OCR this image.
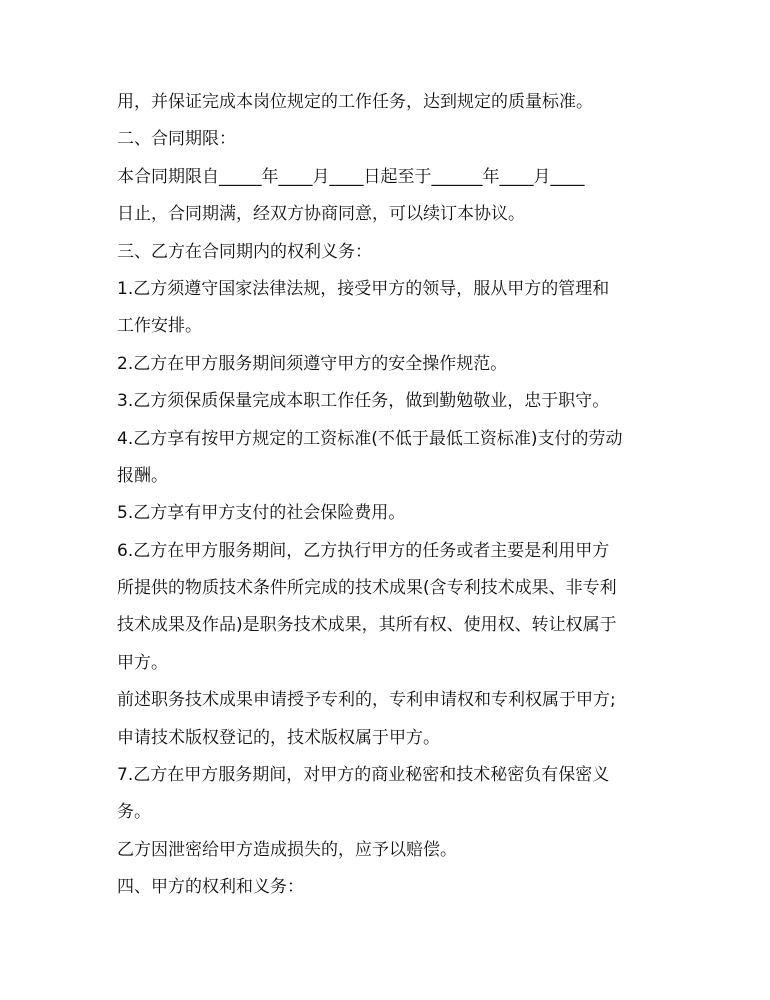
用，并保证完成本岗位规定的工作任务，达到规定的质量标准。
二、合同期限：
本合同期限自_____年____月____日起至于______年____月____
日止，合同期满，经双方协商同意，可以续订本协议。
三、乙方在合同期内的权利义务：
1.乙方须遵守国家法律法规，接受甲方的领导，服从甲方的管理和
工作安排。
2.乙方在甲方服务期间须遵守甲方的安全操作规范。
3.乙方须保质保量完成本职工作任务，做到勤勉敬业，忠于职守。
4.乙方享有按甲方规定的工资标准(不低于最低工资标准)支付的劳动
报酬。
5.乙方享有甲方支付的社会保险费用。
6.乙方在甲方服务期间，乙方执行甲方的任务或者主要是利用甲方
所提供的物质技术条件所完成的技术成果(含专利技术成果、非专利
技术成果及作品)是职务技术成果，其所有权、使用权、转让权属于
甲方。
前述职务技术成果申请授予专利的，专利申请权和专利权属于甲方;
申请技术版权登记的，技术版权属于甲方。
7.乙方在甲方服务期间，对甲方的商业秘密和技术秘密负有保密义
务。
乙方因泄密给甲方造成损失的，应予以赔偿。
四、甲方的权利和义务：
